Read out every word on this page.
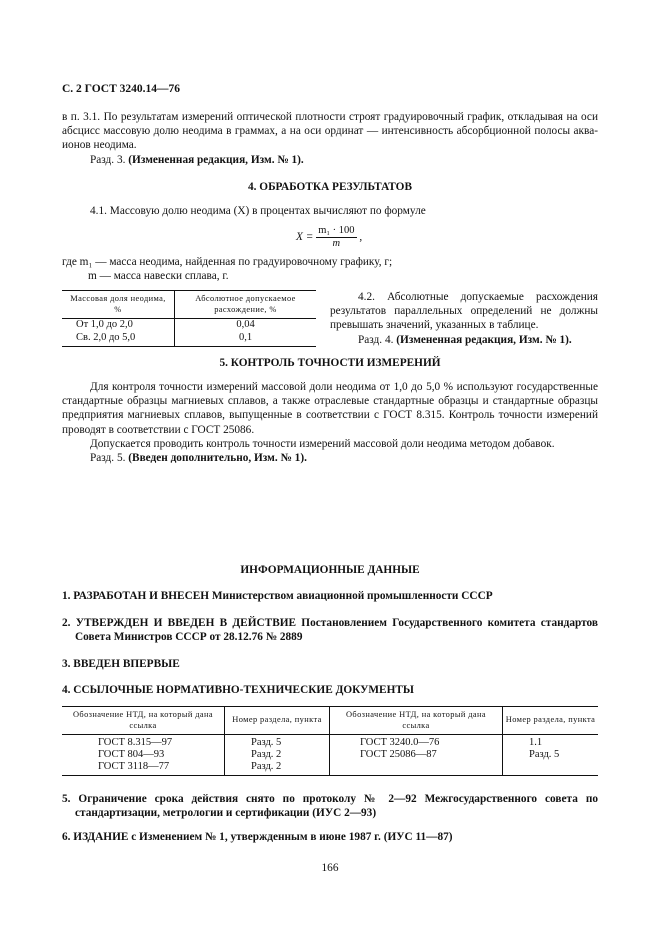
С. 2 ГОСТ 3240.14—76

в п. 3.1. По результатам измерений оптической плотности строят градуировочный график, откладывая на оси абсцисс массовую долю неодима в граммах, а на оси ординат — интенсивность абсорбционной полосы аква-ионов неодима.

Разд. 3. (Измененная редакция, Изм. № 1).

4. ОБРАБОТКА РЕЗУЛЬТАТОВ
4.1. Массовую долю неодима (X) в процентах вычисляют по формуле
$X = \frac{\text{m₁ · 100}}{m}$ ,
где m₁ — масса неодима, найденная по градуировочному графику, г;
m — масса навески сплава, г.
Массовая доля неодима, %	Абсолютное допускаемое расхождение, %
От 1,0 до 2,0	0,04
Св. 2,0 до 5,0	0,1

4.2. Абсолютные допускаемые расхождения результатов параллельных определений не должны превышать значений, указанных в таблице.

Разд. 4. (Измененная редакция, Изм. № 1).

5. КОНТРОЛЬ ТОЧНОСТИ ИЗМЕРЕНИЙ

Для контроля точности измерений массовой доли неодима от 1,0 до 5,0 % используют государственные стандартные образцы магниевых сплавов, а также отраслевые стандартные образцы и стандартные образцы предприятия магниевых сплавов, выпущенные в соответствии с ГОСТ 8.315. Контроль точности измерений проводят в соответствии с ГОСТ 25086.

Допускается проводить контроль точности измерений массовой доли неодима методом добавок.

Разд. 5. (Введен дополнительно, Изм. № 1).

ИНФОРМАЦИОННЫЕ ДАННЫЕ
1. РАЗРАБОТАН И ВНЕСЕН Министерством авиационной промышленности СССР
2. УТВЕРЖДЕН И ВВЕДЕН В ДЕЙСТВИЕ Постановлением Государственного комитета стандартов Совета Министров СССР от 28.12.76 № 2889
3. ВВЕДЕН ВПЕРВЫЕ
4. ССЫЛОЧНЫЕ НОРМАТИВНО-ТЕХНИЧЕСКИЕ ДОКУМЕНТЫ
Обозначение НТД, на который дана ссылка	Номер раздела, пункта	Обозначение НТД, на который дана ссылка	Номер раздела, пункта
ГОСТ 8.315—97	Разд. 5	ГОСТ 3240.0—76	1.1
ГОСТ 804—93	Разд. 2	ГОСТ 25086—87	Разд. 5
ГОСТ 3118—77	Разд. 2		
5. Ограничение срока действия снято по протоколу № 2—92 Межгосударственного совета по стандартизации, метрологии и сертификации (ИУС 2—93)
6. ИЗДАНИЕ с Изменением № 1, утвержденным в июне 1987 г. (ИУС 11—87)
166
